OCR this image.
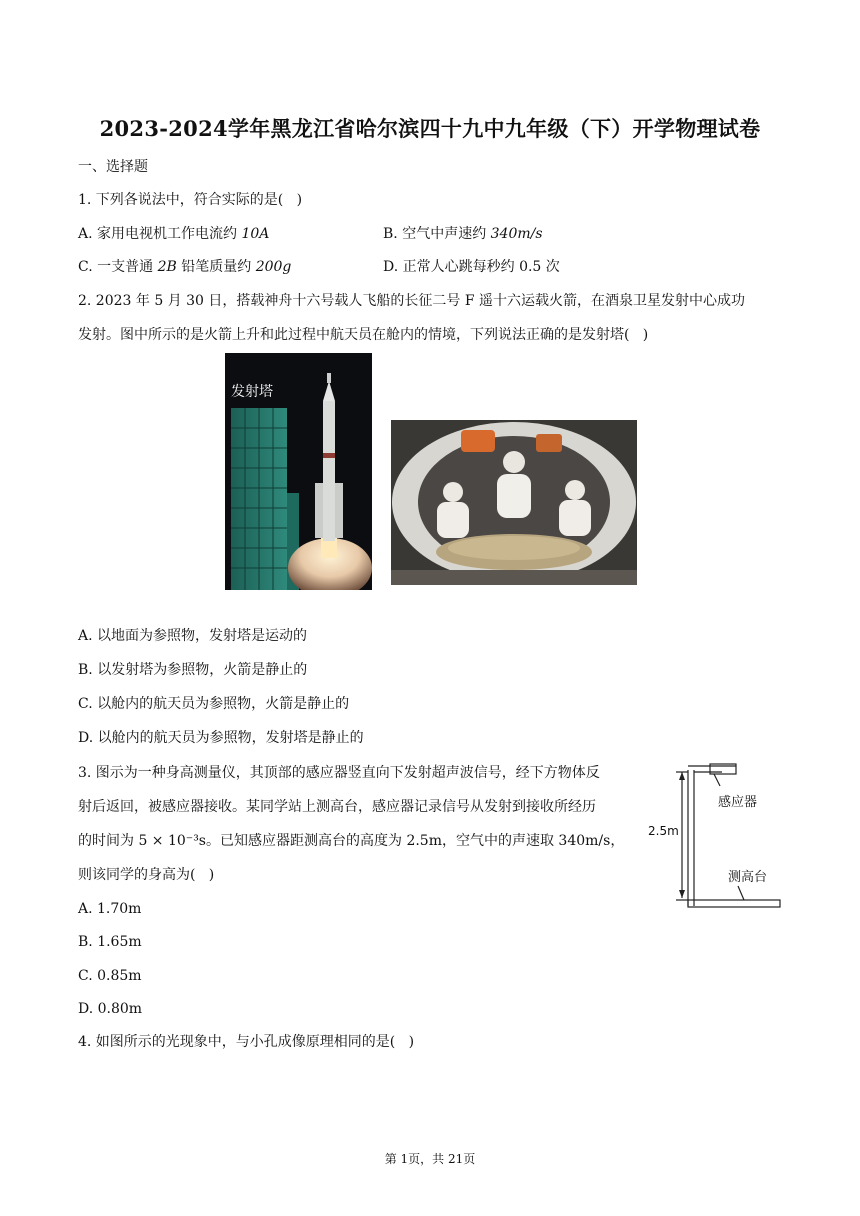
2023-2024学年黑龙江省哈尔滨四十九中九年级（下）开学物理试卷
一、选择题
1. 下列各说法中，符合实际的是(   )
A. 家用电视机工作电流约 10A	B. 空气中声速约 340m/s
C. 一支普通 2B 铅笔质量约 200g	D. 正常人心跳每秒约 0.5 次
2. 2023 年 5 月 30 日，搭载神舟十六号载人飞船的长征二号 F 遥十六运载火箭，在酒泉卫星发射中心成功
发射。图中所示的是火箭上升和此过程中航天员在舱内的情境，下列说法正确的是发射塔(   )
发射塔
A. 以地面为参照物，发射塔是运动的
B. 以发射塔为参照物，火箭是静止的
C. 以舱内的航天员为参照物，火箭是静止的
D. 以舱内的航天员为参照物，发射塔是静止的
3. 图示为一种身高测量仪，其顶部的感应器竖直向下发射超声波信号，经下方物体反
射后返回，被感应器接收。某同学站上测高台，感应器记录信号从发射到接收所经历
的时间为 5 × 10⁻³s。已知感应器距测高台的高度为 2.5m，空气中的声速取 340m/s，
则该同学的身高为(   )
2.5m
感应器
测高台
A. 1.70m
B. 1.65m
C. 0.85m
D. 0.80m
4. 如图所示的光现象中，与小孔成像原理相同的是(   )
第 1页，共 21页
